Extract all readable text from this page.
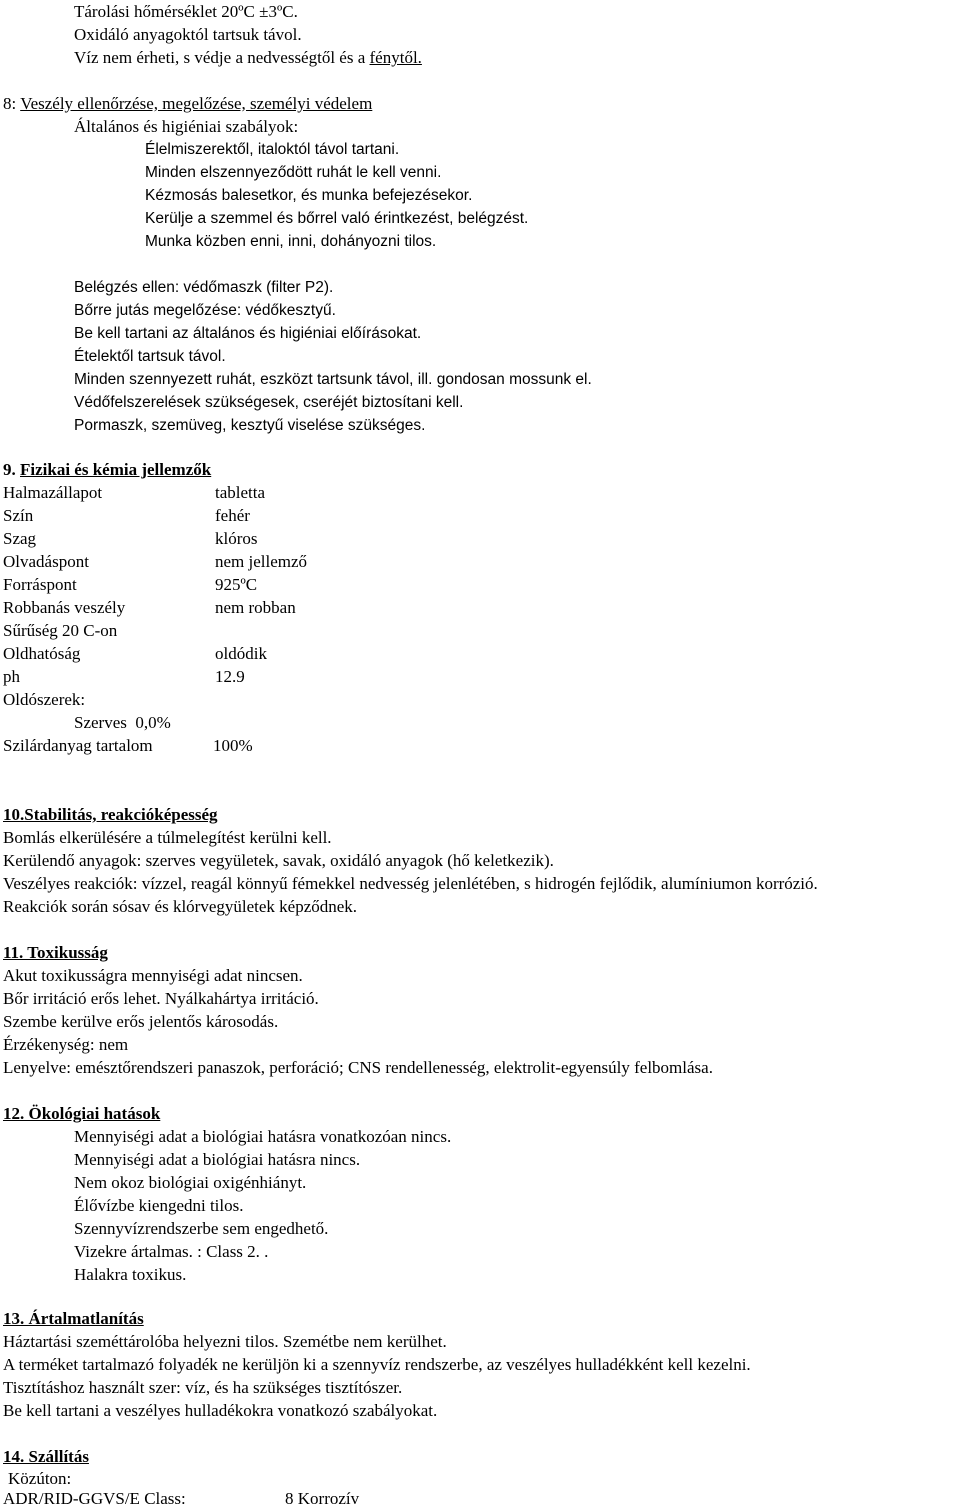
Tárolási hőmérséklet 20ºC ±3ºC.
Oxidáló anyagoktól tartsuk távol.
Víz nem érheti, s védje a nedvességtől és a fénytől.
8: Veszély ellenőrzése, megelőzése, személyi védelem
Általános és higiéniai szabályok:
Élelmiszerektől, italoktól távol tartani.
Minden elszennyeződött ruhát le kell venni.
Kézmosás balesetkor, és munka befejezésekor.
Kerülje a szemmel és bőrrel való érintkezést, belégzést.
Munka közben enni, inni, dohányozni tilos.
Belégzés ellen: védőmaszk (filter P2).
Bőrre jutás megelőzése: védőkesztyű.
Be kell tartani az általános és higiéniai előírásokat.
Ételektől tartsuk távol.
Minden szennyezett ruhát, eszközt tartsunk távol, ill. gondosan mossunk el.
Védőfelszerelések szükségesek, cseréjét biztosítani kell.
Pormaszk, szemüveg, kesztyű viselése szükséges.
9. Fizikai és kémia jellemzők
Halmazállapot	tabletta
Szín	fehér
Szag	klóros
Olvadáspont	nem jellemző
Forráspont	925ºC
Robbanás veszély	nem robban
Sűrűség 20 C-on
Oldhatóság	oldódik
ph	12.9
Oldószerek:
Szerves  0,0%
Szilárdanyag tartalom	100%
10.Stabilitás, reakcióképesség
Bomlás elkerülésére a túlmelegítést kerülni kell.
Kerülendő anyagok: szerves vegyületek, savak, oxidáló anyagok (hő keletkezik).
Veszélyes reakciók: vízzel, reagál könnyű fémekkel nedvesség jelenlétében, s hidrogén fejlődik, alumíniumon korrózió.
Reakciók során sósav és klórvegyületek képződnek.
11. Toxikusság
Akut toxikusságra mennyiségi adat nincsen.
Bőr irritáció erős lehet. Nyálkahártya irritáció.
Szembe kerülve erős jelentős károsodás.
Érzékenység: nem
Lenyelve: emésztőrendszeri panaszok, perforáció; CNS rendellenesség, elektrolit-egyensúly felbomlása.
12. Ökológiai hatások
Mennyiségi adat a biológiai hatásra vonatkozóan nincs.
Mennyiségi adat a biológiai hatásra nincs.
Nem okoz biológiai oxigénhiányt.
Élővízbe kiengedni tilos.
Szennyvízrendszerbe sem engedhető.
Vizekre ártalmas. : Class 2. .
Halakra toxikus.
13. Ártalmatlanítás
Háztartási szeméttárolóba helyezni tilos. Szemétbe nem kerülhet.
A terméket tartalmazó folyadék ne kerüljön ki a szennyvíz rendszerbe, az veszélyes hulladékként kell kezelni.
Tisztításhoz használt szer: víz, és ha szükséges tisztítószer.
Be kell tartani a veszélyes hulladékokra vonatkozó szabályokat.
14. Szállítás
Közúton:
ADR/RID-GGVS/E Class:	8 Korrozív
